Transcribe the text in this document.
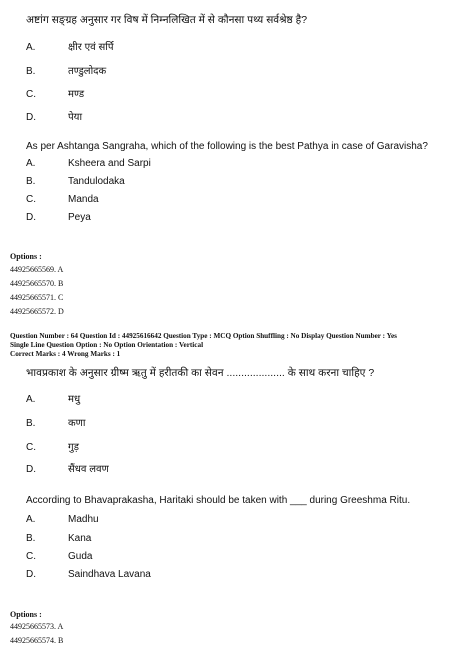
अष्टांग सङ्ग्रह अनुसार गर विष में निम्नलिखित में से कौनसा पथ्य सर्वश्रेष्ठ है?
A.	क्षीर एवं सर्पि
B.	तण्डुलोदक
C.	मण्ड
D.	पेया
As per Ashtanga Sangraha, which of the following is the best Pathya in case of Garavisha?
A.	Ksheera and Sarpi
B.	Tandulodaka
C.	Manda
D.	Peya
Options :
44925665569. A
44925665570. B
44925665571. C
44925665572. D
Question Number : 64 Question Id : 44925616642 Question Type : MCQ Option Shuffling : No Display Question Number : Yes
Single Line Question Option : No Option Orientation : Vertical
Correct Marks : 4 Wrong Marks : 1
भावप्रकाश के अनुसार ग्रीष्म ऋतु में हरीतकी का सेवन .................... के साथ करना चाहिए ?
A.	मधु
B.	कणा
C.	गुड़
D.	सैंधव लवण
According to Bhavaprakasha, Haritaki should be taken with ___ during Greeshma Ritu.
A.	Madhu
B.	Kana
C.	Guda
D.	Saindhava Lavana
Options :
44925665573. A
44925665574. B
